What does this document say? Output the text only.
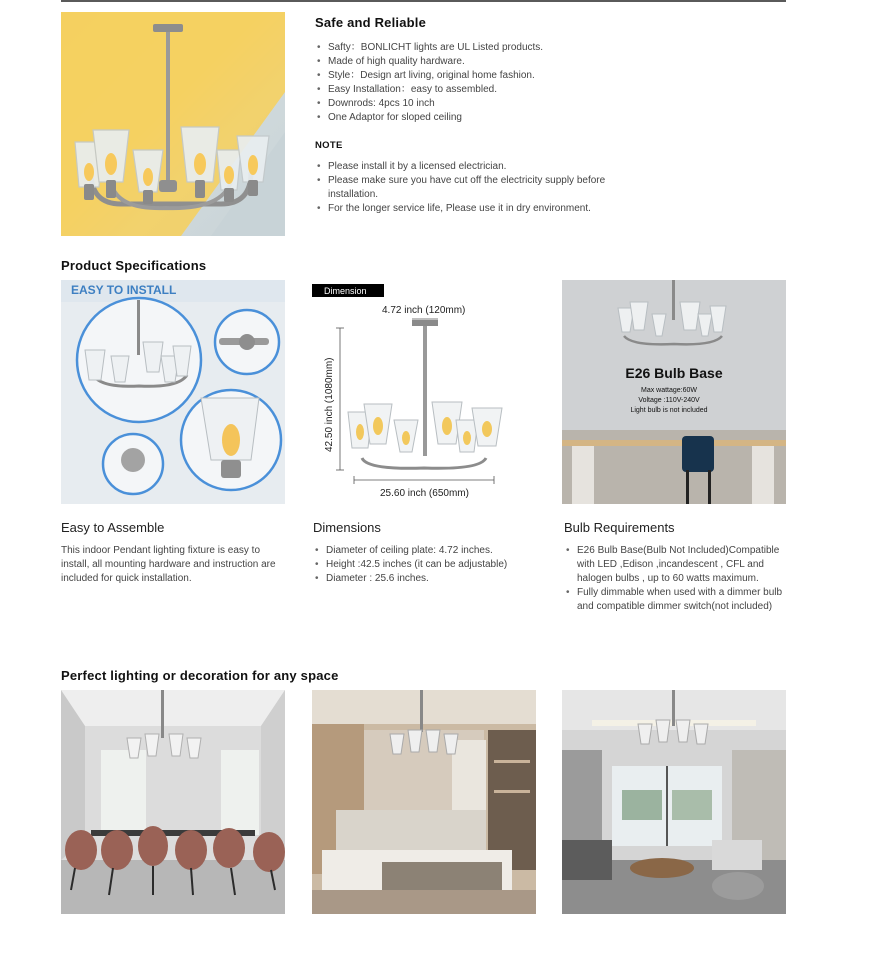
Safe and Reliable
• Safty：BONLICHT lights are UL Listed products.
• Made of high quality hardware.
• Style：Design art living, original home fashion.
• Easy Installation：easy to assembled.
• Downrods: 4pcs 10 inch
• One Adaptor for sloped ceiling
NOTE
• Please install it by a licensed electrician.
• Please make sure you have cut off the electricity supply before installation.
• For the longer service life, Please use it in dry environment.
Product Specifications
EASY TO INSTALL	Dimension
4.72 inch (120mm)
42.50 inch (1080mm)
25.60 inch (650mm)
E26 Bulb Base
Max wattage:60W
Voltage :110V-240V
Light bulb is not included
Easy to Assemble

This indoor Pendant lighting fixture is easy to install, all mounting hardware and instruction are included for quick installation.

Dimensions
• Diameter of ceiling plate: 4.72 inches.
• Height :42.5 inches (it can be adjustable)
• Diameter : 25.6 inches.
Bulb Requirements
• E26 Bulb Base(Bulb Not Included)Compatible with LED ,Edison ,incandescent , CFL and halogen bulbs , up to 60 watts maximum.
• Fully dimmable when used with a dimmer bulb and compatible dimmer switch(not included)
Perfect lighting or decoration for any space
